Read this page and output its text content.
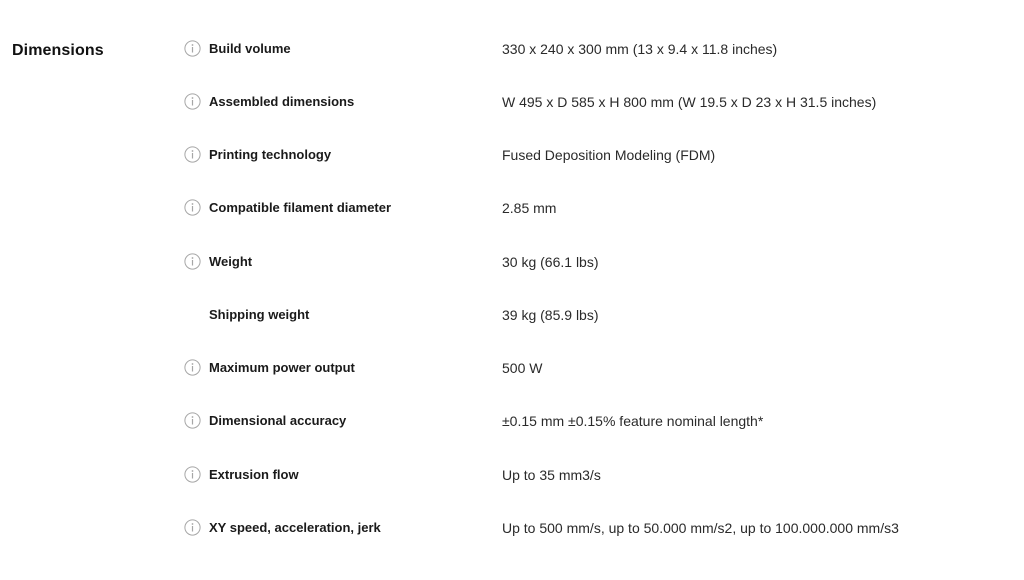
Dimensions	Build volume	330 x 240 x 300 mm (13 x 9.4 x 11.8 inches)
Assembled dimensions	W 495 x D 585 x H 800 mm (W 19.5 x D 23 x H 31.5 inches)
Printing technology	Fused Deposition Modeling (FDM)
Compatible filament diameter	2.85 mm
Weight	30 kg (66.1 lbs)
Shipping weight	39 kg (85.9 lbs)
Maximum power output	500 W
Dimensional accuracy	±0.15 mm ±0.15% feature nominal length*
Extrusion flow	Up to 35 mm3/s
XY speed, acceleration, jerk	Up to 500 mm/s, up to 50.000 mm/s2, up to 100.000.000 mm/s3
